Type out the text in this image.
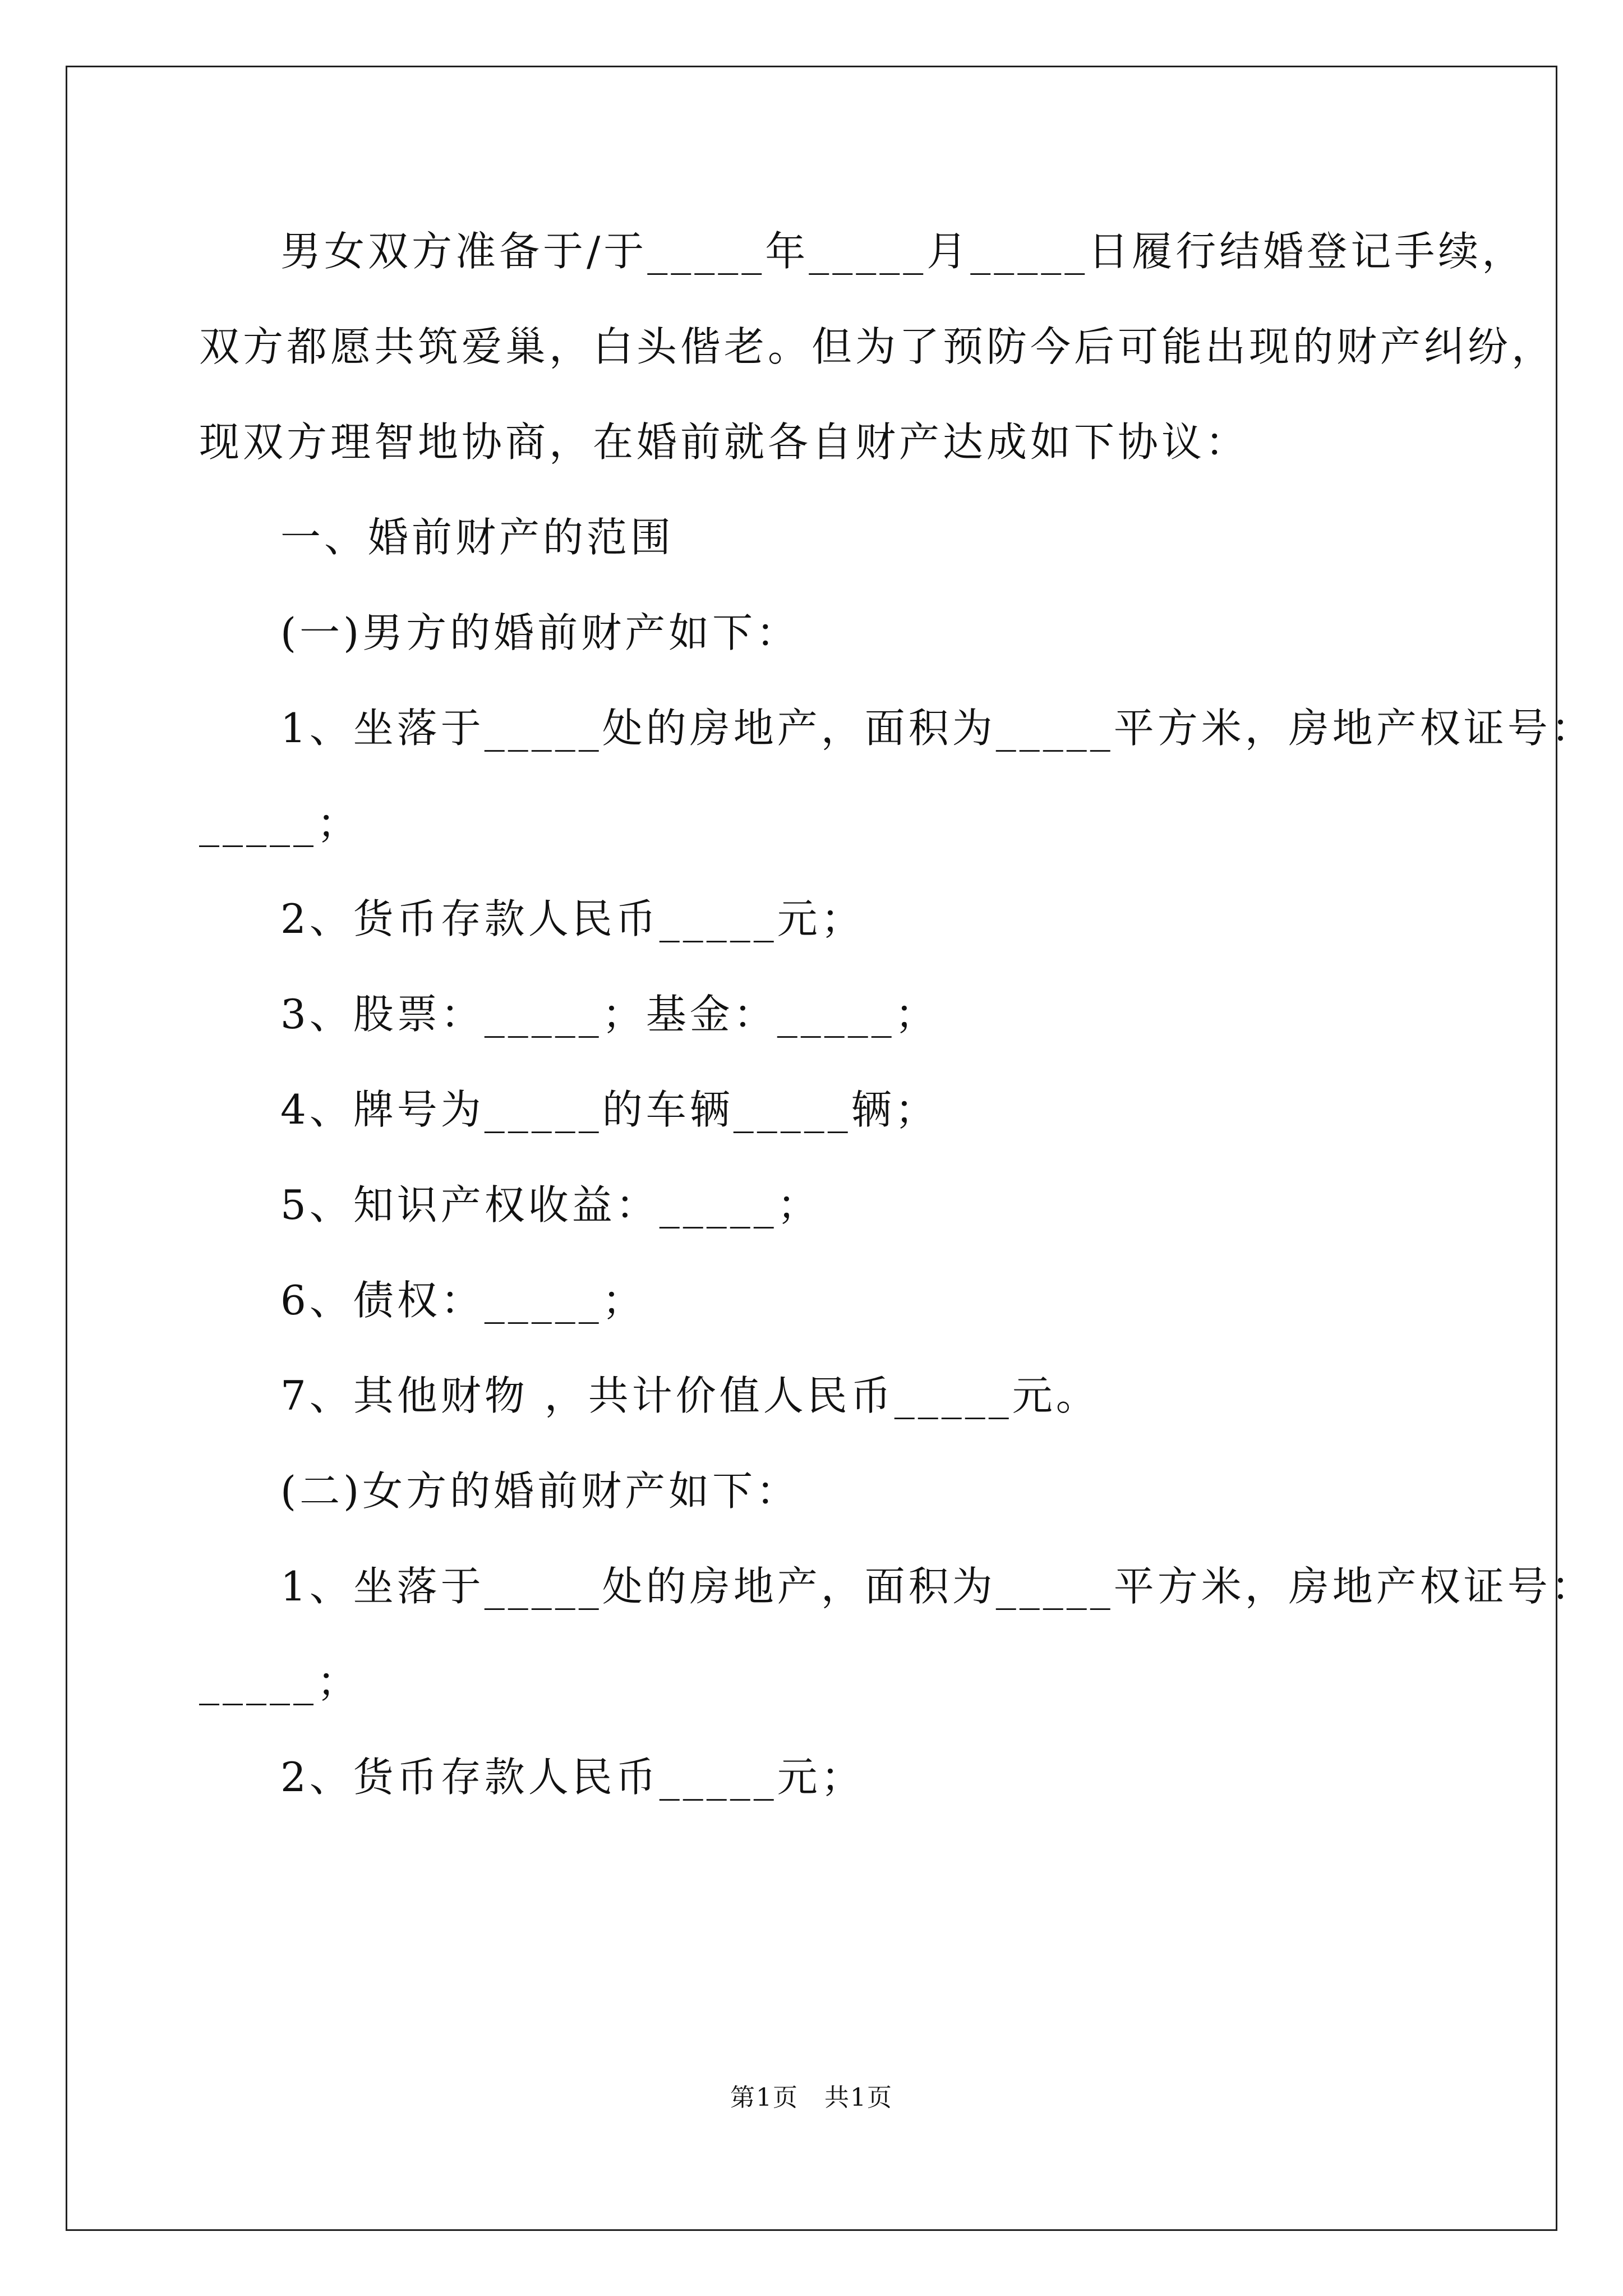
男女双方准备于/于_____年_____月_____日履行结婚登记手续，
双方都愿共筑爱巢，白头偕老。但为了预防今后可能出现的财产纠纷，
现双方理智地协商，在婚前就各自财产达成如下协议：
一、婚前财产的范围
(一)男方的婚前财产如下：
1、坐落于_____处的房地产，面积为_____平方米，房地产权证号：
_____；
2、货币存款人民币_____元；
3、股票：_____；基金：_____；
4、牌号为_____的车辆_____辆；
5、知识产权收益：_____；
6、债权：_____；
7、其他财物 ，共计价值人民币_____元。
(二)女方的婚前财产如下：
1、坐落于_____处的房地产，面积为_____平方米，房地产权证号：
_____；
2、货币存款人民币_____元；
第1页　共1页
